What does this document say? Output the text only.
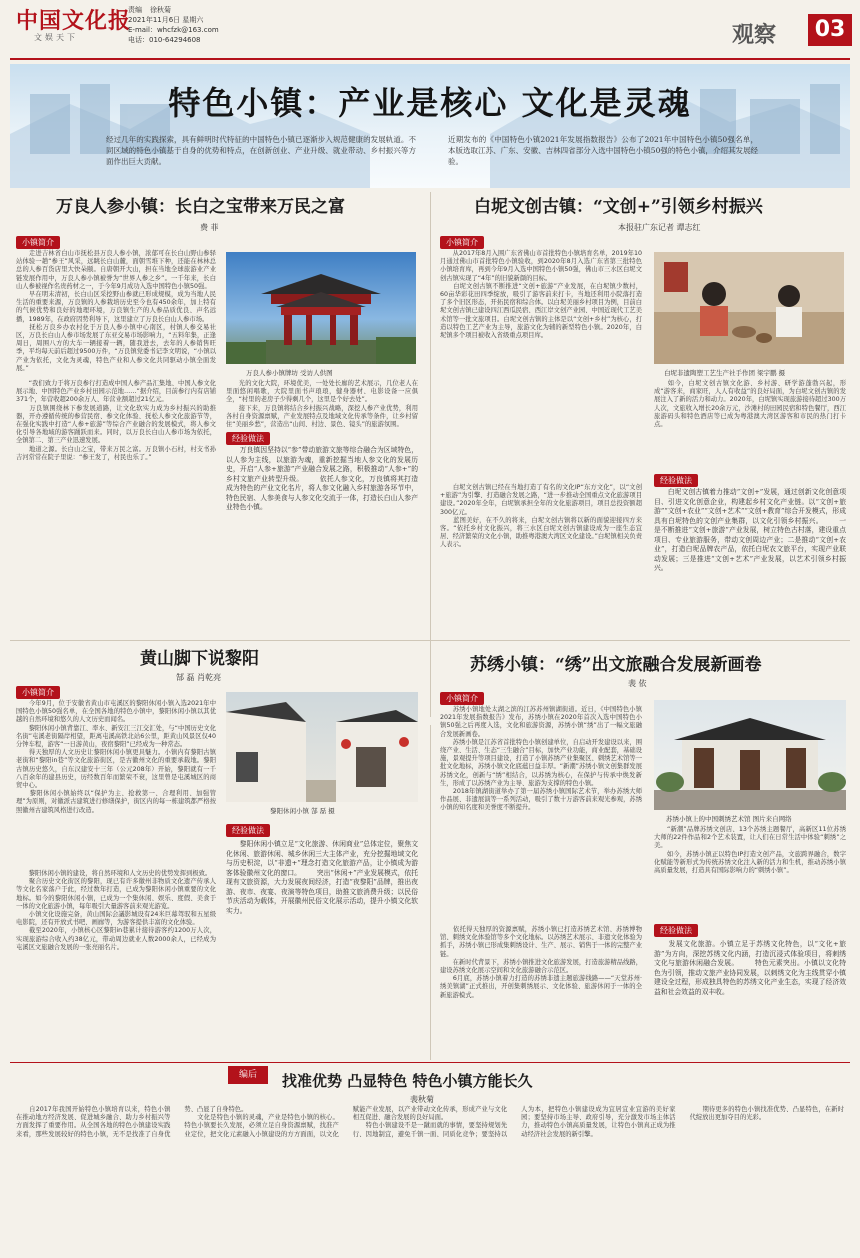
中国文化报
文娱天下
责编 徐秋菊
2021年11月6日 星期六
E-mail：whcfzk@163.com
电话：010-64294608	观察	03
特色小镇：产业是核心 文化是灵魂
经过几年的实践探索，具有鲜明时代特征的中国特色小镇已逐渐步入规范健康的发展轨道。不同区域的特色小镇基于自身的优势和特点，在创新创业、产业升级、就业带动、乡村振兴等方面作出巨大贡献。
近期发布的《中国特色小镇2021年发展指数报告》公布了2021年中国特色小镇50强名单，本版选取江苏、广东、安徽、吉林四省部分入选中国特色小镇50强的特色小镇，介绍其发展经验。
万良人参小镇：长白之宝带来万民之富
费 菲
小镇简介
　　走进吉林省白山市抚松县万良人参小镇，浓郁可在长白山野山参驿站体验一趟“参王”风采，远眺长白山麓，面朝雪堆下种，还能在林林总总的人参百货店里大快朵颐。自唐朝开大山，担在当地全球旅游业产业链发展作用中，万良人参小镇被誉为“世界人参之乡”。一千年来，长白山人参被视作名贵药材之一，于今年9月成功入选中国特色小镇50强。
　　早在明末清初，长白山区采挖野山参就已形成规模，成为当地人民生活的重要来源，万良镇的人参栽培历史至今也有450余年，加上特有的气候优势和良好的地理环境，万良镇生产的人参品质优良、声名远播，1989年，在政府因势利导下，这里建立了万良长白山人参市场。
　　抚松万良乡办农村化于万良人参小镇中心南区，村镇人参交易社区，万良长白山人参市场发展了东亚交易市场影响力，“五料年集，正逢周日，周围八方的大车一辆接着一辆，随我进去，去年的人参销售旺季，平均每天前后超过9500万件，“万良镇党委书记李文明说，“小镇以产业为依托，文化为灵魂，特色产业和人参文化共同驱动小镇全面发展。”
　　“我们致力于将万良参行打造成中国人参产品汇集地、中国人参文化展示地、中国特色产业乡村田园示范地……”据介绍，目前参行内有店铺371个，年营收超200余万人、年营业额超过21亿元。
　　万良镇围绕林下参发展道路，让文化软实力成为乡村振兴的助推器，开办遵循传统的参营民宿、参文化体验、抚松人参文化旅游节等，在强化实践中打造“人参+旅游”等综合产业融合的发展模式，将人参文化引导各地域的游客踊跃而来。同时，以万良长白山人参市场为依托，全镇第二、第三产业迅速发展。
　　地道之源。长白山之宝，带来万民之富。万良镇小石村，村支书孙吉河常常在院子里说：“参王发了，村民也乐了。”
万良人参小镇牌坊 受访人供图
　　光的文化大院，环境优美，一处处长廊的艺术展示，几位老人在里面悠闲唱歌，大院里面书声琅琅，健身器材、电影设备一应俱全，“村里的老房子少得剩几个，这里是个好去处”。
　　接下来，万良镇将结合乡村振兴战略，深挖人参产业优势，利用各村自身资源禀赋，产业发展特点及地域文化传承等条件，让乡村留住“美丽乡愁”，营造出“山间、村边、景色、镜头”的旅游氛围。
经验做法
　　万良镇因坚持以“参”带动旅游文旅等综合融合为区域特色，以人参为主线，以旅游为魂，重新挖掘当地人参文化的发展历史，开启“人参+旅游”产业融合发展之路，积极推动“人参+”的乡村文旅产业转型升级。 　　依托人参文化，万良镇将其打造成为特色的产业文化名片，将人参文化融入乡村旅游各环节中，特色民宿、人参美食与人参文化交流于一体，打造长白山人参产业特色小镇。
白坭文创古镇：“文创+”引领乡村振兴
本报驻广东记者 谭志红
小镇简介
　　从2017年8月入围广东省佛山市首批特色小镇培育名单，2019年10月通过佛山市首批特色小镇验收，到2020年8月入选广东省第三批特色小镇培育库，再到今年9月入选中国特色小镇50强，佛山市三水区白坭文创古镇实现了“4年”的旧貌新颜的目标。
　　白坭文创古镇不断推进“文创+旅游”产业发展，在白坭镇少数村，60亩华彩花田四季绽放，吸引了游客前来打卡，当地还利用小院落打造了多个旧区形态，开拓民宿和综合体。以白坭美丽乡村项目为例，目前白坭文创古镇已建设四江西瓜民宿、西江岸文创产业园、中国近现代工艺美术馆等一批文旅项目。白坭文创古镇的主体是以“文创+乡村”为核心，打造以特色工艺产业为主导，旅游文化为辅的新型特色小镇。2020年，白坭镇多个项目被收入省级重点项目库。
　　白坭文创古镇已经在当地打造了有名的文化IP“东方文化”，以“文创+旅游”为引擎、打造融合发展之路，“进一步推动全国重点文化旅游项目建设。”2020年全年，白坭镇承担全年的文化旅游项目，项目总投资额超300亿元。
　　蓝图美好，在不久的将来，白坭文创古镇将以新的面貌迎接四方来客。“依托乡村文化振兴，将三水区白坭文创古镇建设成为一座生态宜居、经济繁荣的文化小镇，助推粤港澳大湾区文化建设。”白坭镇相关负责人表示。
白坭非遗陶塑工艺生产社手作团 梁宇鹏 摄
　　如今，白坭文创古镇文化游、乡村游、研学游蓬勃兴起，形成“游客来，商家旺，人人有收益”的良好局面，为白坭文创古镇的发展注入了新的活力和动力。2020年，白坭镇实现旅游接待超过300万人次，文旅收入增长20余万元，沙滩村的田园民宿和特色餐厅，西江旅游码头和特色酒店等已成为粤港澳大湾区游客和市民的热门打卡点。
经验做法
　　白坭文创古镇着力推动“文创+”发展，通过创新文化创意项目、引进文化创意企业，构建起乡村文化产业链。以“文创+旅游”“文创+农业”“文创+艺术”“文创+教育”综合开发模式，形成具有白坭特色的文创产业集群，以文化引领乡村振兴。 　　一是不断推进“文创+旅游”产业发展，树立特色古村落，建设重点项目、专业旅游服务，带动文创周边产业；二是推动“文创+农业”，打造白坭品牌农产品，依托白坭农文旅平台，实现产业联动发展；三是推进“文创+艺术”产业发展，以艺术引领乡村振兴。
黄山脚下说黎阳
郜 磊 肖乾亮
小镇简介
　　今年9月，位于安徽省黄山市屯溪区的黎阳休闲小镇入选2021年中国特色小镇50强名单，在全国各地的特色小镇中，黎阳休闲小镇以其优越的自然环境和悠久的人文历史而闻名。
　　黎阳休闲小镇背靠江、率水、新安江三江交汇处，与“中国历史文化名街”屯溪老街隔岸相望，距离屯溪高铁北站6公里，距黄山风景区仅40分钟车程，游客“一日游黄山，夜宿黎阳”已经成为一种常态。
　　得天独厚的人文历史让黎阳休闲小镇更具魅力。小镇内有黎阳古镇老街和“黎阳in巷”等文化旅游街区，是古徽州文化的重要承载地。黎阳古镇历史悠久，自东汉建安十三年（公元208年）开始，黎阳就有一千八百余年的建县历史，历经数百年而繁荣不衰，这里曾是屯溪城区的商贸中心。
　　黎阳休闲小镇始终以“保护为主、抢救第一、合理利用、加强管理”为原则，对徽派古建筑进行修缮保护，街区内的每一栋建筑都严格按照徽州古建筑风格进行改造。
　　黎阳休闲小镇的建设，将自然环境和人文历史的优势发挥到极致。
　　聚合历史文化街区的黎阳，现已有许多徽州非物质文化遗产传承人等文化名家落户于此，经过数年打造，已成为黎阳休闲小镇重要的文化地标。如今的黎阳休闲小镇，已成为一个集休闲、娱乐、度假、美食于一体的文化旅游小镇，每年吸引大量游客前来观光游览。
　　小镇文化设施完备，黄山国际会議影城设有24米巨幕驾驭和五星级电影院，还有开放式书吧、画廊等，为游客提供丰富的文化体验。
　　截至2020年，小镇核心区黎阳in巷累计接待游客约1200万人次，实现旅游综合收入约38亿元，带动周边就业人数2000余人，已经成为屯溪区文旅融合发展的一张亮丽名片。
黎阳休闲小镇 郜 磊 摄
经验做法
　　黎阳休闲小镇立足“文化旅游、休闲商业”总体定位，聚焦文化休闲、旅游休闲、城乡休闲三大主体产业，充分挖掘地域文化与历史积淀，以“非遗+”理念打造文化旅游产品，让小镇成为游客体验徽州文化的窗口。 　　突出“休闲+”产业发展模式，依托现有文旅资源，大力发展夜间经济，打造“夜黎阳”品牌，推出夜游、夜市、夜宴、夜演等特色项目，助推文旅消费升级；以民俗节庆活动为载体，开展徽州民俗文化展示活动，提升小镇文化软实力。
苏绣小镇：“绣”出文旅融合发展新画卷
裴 依
小镇简介
　　苏绣小镇地处太湖之滨的江苏苏州镇湖街道。近日，《中国特色小镇2021年发展指数报告》发布，苏绣小镇在2020年首次入选中国特色小镇50强之后再度入选，文化和旅游资源，苏绣小镇“绣”出了一幅文旅融合发展新画卷。
　　苏绣小镇是江苏省首批特色小镇创建单位，自启动开发建设以来，围绕产业、生活、生态“三生融合”目标，加快产业功能，商业配套，基础设施，景观提升等项目建设，打造了小镇苏绣产业集聚区、刺绣艺术馆等一批文化地标，苏绣小镇文化底蕴日益丰厚。“新潮”苏绣小镇文创集群发展苏绣文化，创新与“绣”相结合，以苏绣为核心，在保护与传承中焕发新生，形成了以苏绣产业为主导、旅游为支撑的特色小镇。
　　2018年镇湖街道举办了第一届苏绣小镇国际艺术节，举办苏绣大师作品展、非遗展演等一系列活动，吸引了数十万游客前来观光参观，苏绣小镇的知名度和美誉度不断提升。
　　依托得天独厚的资源禀赋，苏绣小镇已打造苏绣艺术馆、苏绣博物馆、刺绣文化体验馆等多个文化地标。以苏绣艺术展示、非遗文化体验为抓手，苏绣小镇已形成集刺绣设计、生产、展示、销售于一体的完整产业链。
　　在新时代背景下，苏绣小镇推进文化旅游发展，打造旅游精品线路，建设苏绣文化展示空间和文化旅游融合示范区。
　　6月底，苏绣小镇着力打造的苏绣非遗主题旅游线路——“天堂苏州·绣美镇湖”正式推出，开创集刺绣展示、文化体验、旅游休闲于一体的全新旅游模式。
苏绣小镇上的中国刺绣艺术馆 图片来自网络
　　“新潮”品牌苏绣文创店、13个苏绣主题餐厅，高新区11位苏绣大师的22件作品和2个艺术装置，让人们在日常生活中体验“刺绣”之美。
　　如今，苏绣小镇正以特色IP打造文创产品，文旅跨界融合，数字化赋能等新形式为传统苏绣文化注入新的活力和生机，推动苏绣小镇高质量发展，打造具有国际影响力的“刺绣小镇”。
经验做法
　　发展文化旅游。小镇立足于苏绣文化特色，以“文化+旅游”为方向，深挖苏绣文化内涵，打造沉浸式体验项目，将刺绣文化与旅游休闲融合发展。 　　特色元素突出。小镇以文化特色为引领，推动文旅产业协同发展，以刺绣文化为主线贯穿小镇建设全过程，形成独具特色的苏绣文化产业生态，实现了经济效益和社会效益的双丰收。
编后	找准优势 凸显特色 特色小镇方能长久
裴秋菊
　　自2017年我国开始特色小镇培育以来，特色小镇在推动地方经济发展、促进城乡融合、助力乡村振兴等方面发挥了重要作用。从全国各地的特色小镇建设实践来看，那些发展较好的特色小镇，无不是找准了自身优势、凸显了自身特色。
　　文化是特色小镇的灵魂，产业是特色小镇的核心。特色小镇要长久发展，必须立足自身资源禀赋，找准产业定位，把文化元素融入小镇建设的方方面面，以文化赋能产业发展，以产业带动文化传承，形成产业与文化相互促进、融合发展的良好局面。
　　特色小镇建设不是一蹴而就的事情，要坚持规划先行、因地制宜，避免千镇一面、同质化竞争；要坚持以人为本，把特色小镇建设成为宜居宜业宜游的美好家园；要坚持市场主导、政府引导，充分激发市场主体活力，推动特色小镇高质量发展，让特色小镇真正成为推动经济社会发展的新引擎。
　　期待更多的特色小镇找准优势、凸显特色，在新时代绽放出更加夺目的光彩。
